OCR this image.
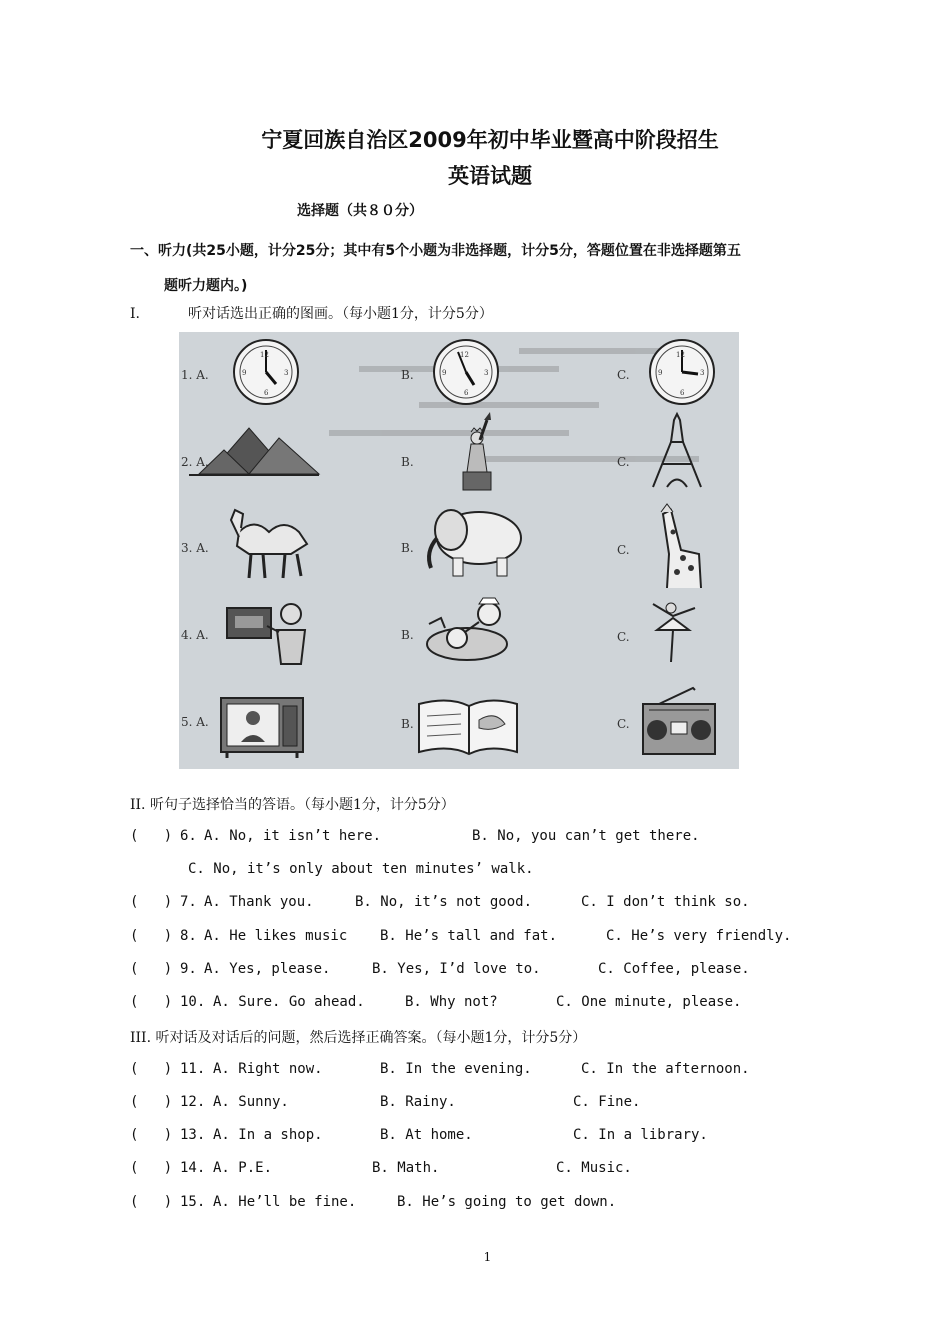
宁夏回族自治区2009年初中毕业暨高中阶段招生
英语试题
选择题（共８０分）
一、听力(共25小题，计分25分；其中有5个小题为非选择题，计分5分，答题位置在非选择题第五
题听力题内。)
I.	听对话选出正确的图画。（每小题1分，计分5分）
1. A.	B.	C.
2. A.	B.	C.
3. A.	B.	C.
4. A.	B.	C.
5. A.	B.	C.
12
3
6
9
12
3
6
9
12
3
6
9
II. 听句子选择恰当的答语。（每小题1分，计分5分）
(   ) 6. A. No, it isn’t here.	B. No, you can’t get there.
C. No, it’s only about ten minutes’ walk.
(   ) 7. A. Thank you.	B. No, it’s not good.	C. I don’t think so.
(   ) 8. A. He likes music B. He’s tall and fat.	C. He’s very friendly.
(   ) 9. A. Yes, please.	B. Yes, I’d love to.	C. Coffee, please.
(   ) 10. A. Sure. Go ahead.	B. Why not?	C. One minute, please.
III. 听对话及对话后的问题，然后选择正确答案。（每小题1分，计分5分）
(   ) 11. A. Right now.	B. In the evening.	C. In the afternoon.
(   ) 12. A. Sunny.	B. Rainy.	C. Fine.
(   ) 13. A. In a shop.	B. At home.	C. In a library.
(   ) 14. A. P.E.	B. Math.	C. Music.
(   ) 15. A. He’ll be fine.	B. He’s going to get down.
1
